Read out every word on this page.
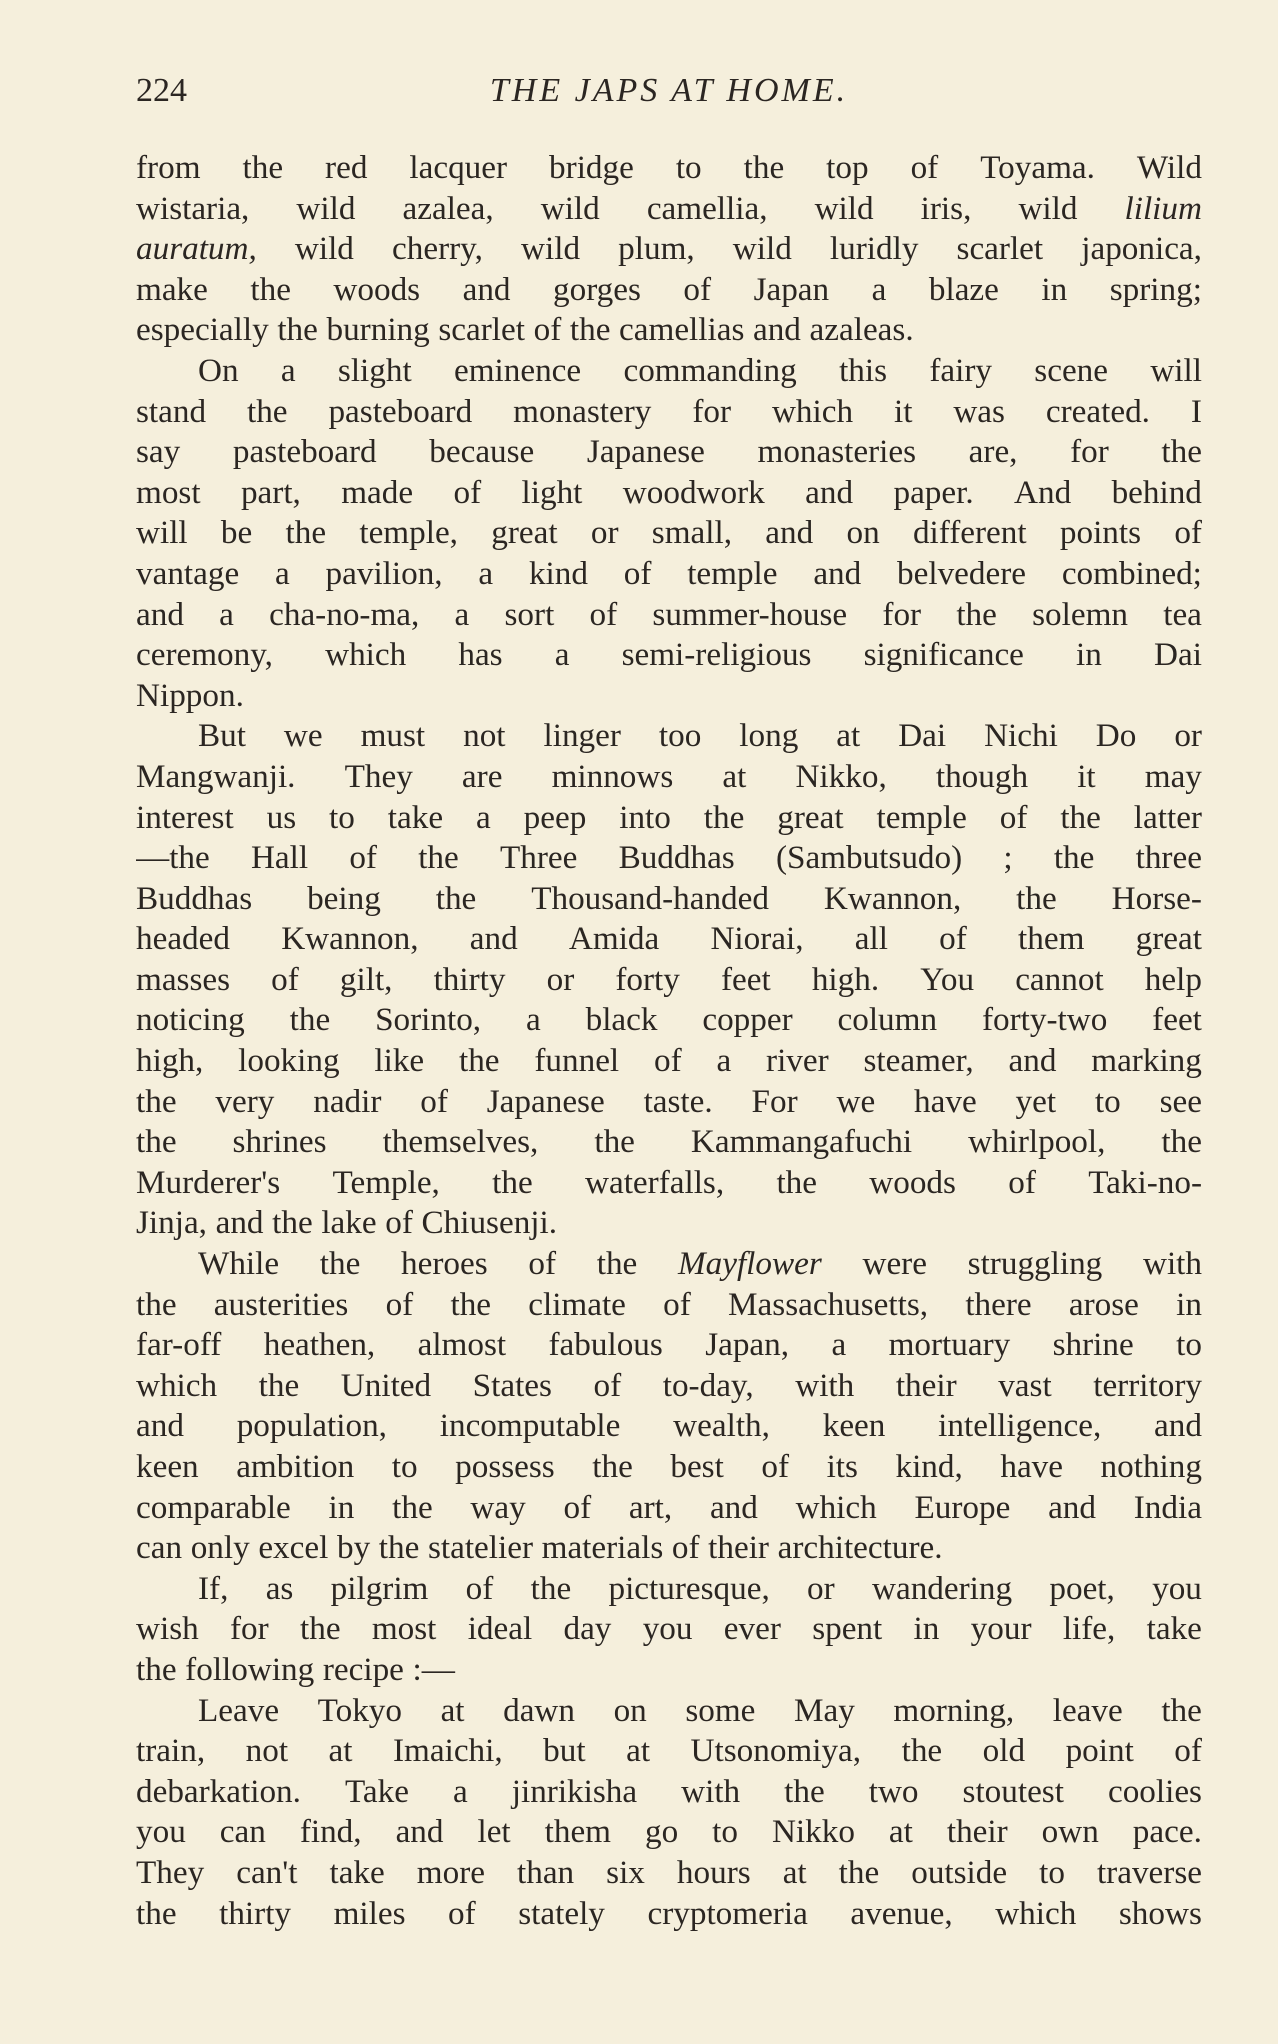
224	THE JAPS AT HOME.
from the red lacquer bridge to the top of Toyama. Wild
wistaria, wild azalea, wild camellia, wild iris, wild lilium
auratum, wild cherry, wild plum, wild luridly scarlet japonica,
make the woods and gorges of Japan a blaze in spring;
especially the burning scarlet of the camellias and azaleas.
On a slight eminence commanding this fairy scene will
stand the pasteboard monastery for which it was created. I
say pasteboard because Japanese monasteries are, for the
most part, made of light woodwork and paper. And behind
will be the temple, great or small, and on different points of
vantage a pavilion, a kind of temple and belvedere combined;
and a cha-no-ma, a sort of summer-house for the solemn tea
ceremony, which has a semi-religious significance in Dai
Nippon.
But we must not linger too long at Dai Nichi Do or
Mangwanji. They are minnows at Nikko, though it may
interest us to take a peep into the great temple of the latter
—the Hall of the Three Buddhas (Sambutsudo) ; the three
Buddhas being the Thousand-handed Kwannon, the Horse-
headed Kwannon, and Amida Niorai, all of them great
masses of gilt, thirty or forty feet high. You cannot help
noticing the Sorinto, a black copper column forty-two feet
high, looking like the funnel of a river steamer, and marking
the very nadir of Japanese taste. For we have yet to see
the shrines themselves, the Kammangafuchi whirlpool, the
Murderer's Temple, the waterfalls, the woods of Taki-no-
Jinja, and the lake of Chiusenji.
While the heroes of the Mayflower were struggling with
the austerities of the climate of Massachusetts, there arose in
far-off heathen, almost fabulous Japan, a mortuary shrine to
which the United States of to-day, with their vast territory
and population, incomputable wealth, keen intelligence, and
keen ambition to possess the best of its kind, have nothing
comparable in the way of art, and which Europe and India
can only excel by the statelier materials of their architecture.
If, as pilgrim of the picturesque, or wandering poet, you
wish for the most ideal day you ever spent in your life, take
the following recipe :—
Leave Tokyo at dawn on some May morning, leave the
train, not at Imaichi, but at Utsonomiya, the old point of
debarkation. Take a jinrikisha with the two stoutest coolies
you can find, and let them go to Nikko at their own pace.
They can't take more than six hours at the outside to traverse
the thirty miles of stately cryptomeria avenue, which shows
